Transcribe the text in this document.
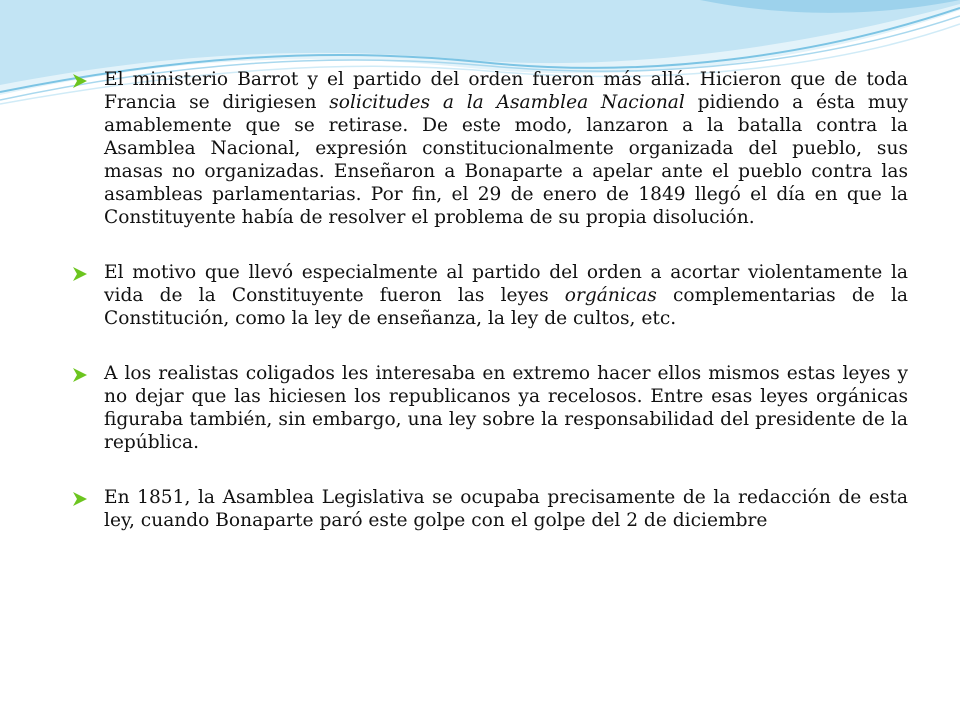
El ministerio Barrot y el partido del orden fueron más allá. Hicieron que de toda Francia se dirigiesen solicitudes a la Asamblea Nacional pidiendo a ésta muy amablemente que se retirase. De este modo, lanzaron a la batalla contra la Asamblea Nacional, expresión constitucionalmente organizada del pueblo, sus masas no organizadas. Enseñaron a Bonaparte a apelar ante el pueblo contra las asambleas parlamentarias. Por fin, el 29 de enero de 1849 llegó el día en que la Constituyente había de resolver el problema de su propia disolución.
El motivo que llevó especialmente al partido del orden a acortar violentamente la vida de la Constituyente fueron las leyes orgánicas complementarias de la Constitución, como la ley de enseñanza, la ley de cultos, etc.
A los realistas coligados les interesaba en extremo hacer ellos mismos estas leyes y no dejar que las hiciesen los republicanos ya recelosos. Entre esas leyes orgánicas figuraba también, sin embargo, una ley sobre la responsabilidad del presidente de la república.
En 1851, la Asamblea Legislativa se ocupaba precisamente de la redacción de esta ley, cuando Bonaparte paró este golpe con el golpe del 2 de diciembre
